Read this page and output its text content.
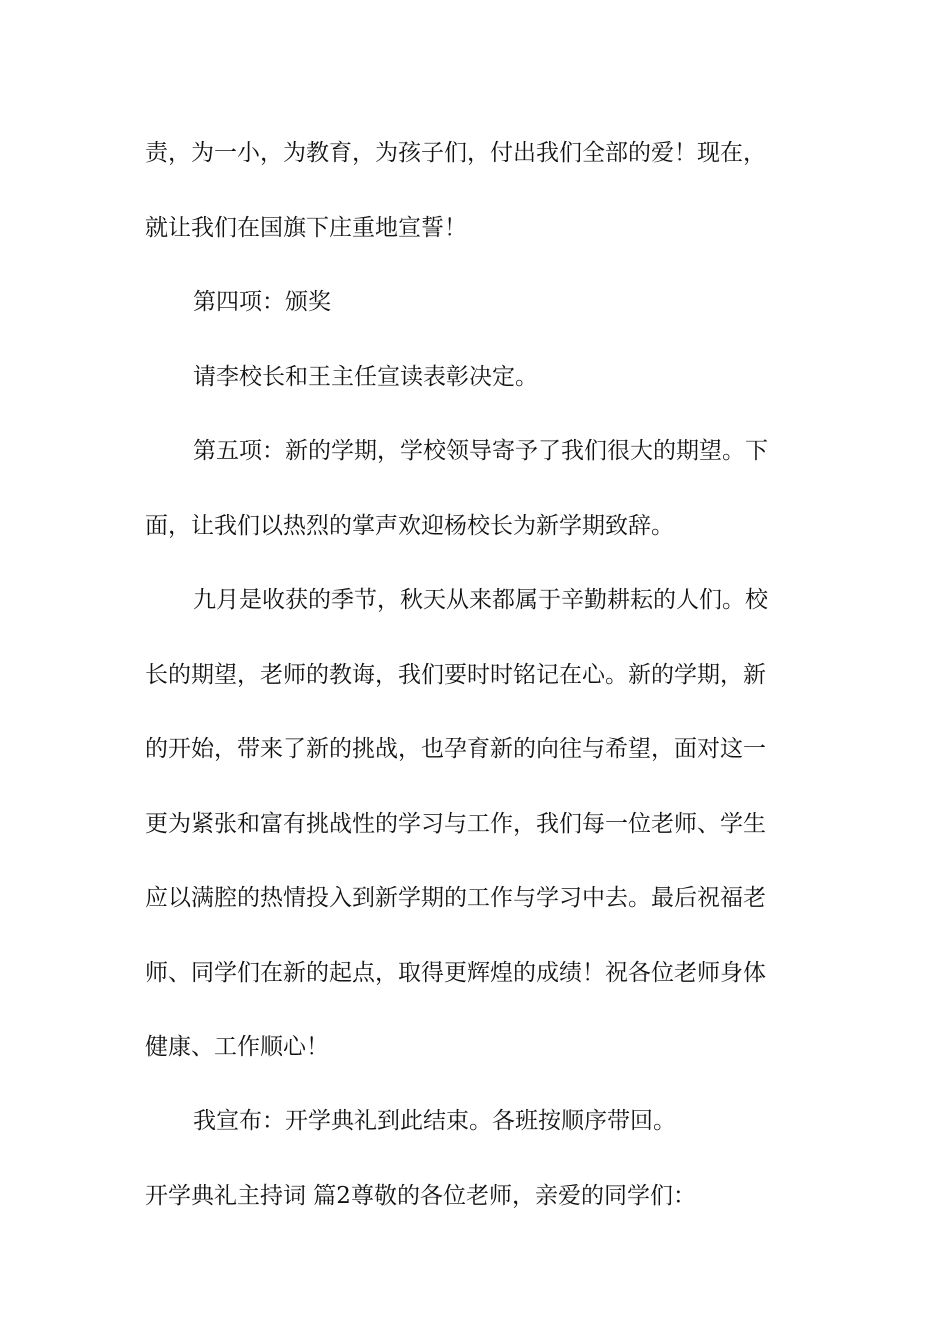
责，为一小，为教育，为孩子们，付出我们全部的爱！现在，

就让我们在国旗下庄重地宣誓！

第四项：颁奖

请李校长和王主任宣读表彰决定。

第五项：新的学期，学校领导寄予了我们很大的期望。下

面，让我们以热烈的掌声欢迎杨校长为新学期致辞。

九月是收获的季节，秋天从来都属于辛勤耕耘的人们。校

长的期望，老师的教诲，我们要时时铭记在心。新的学期，新

的开始，带来了新的挑战，也孕育新的向往与希望，面对这一

更为紧张和富有挑战性的学习与工作，我们每一位老师、学生

应以满腔的热情投入到新学期的工作与学习中去。最后祝福老

师、同学们在新的起点，取得更辉煌的成绩！祝各位老师身体

健康、工作顺心！

我宣布：开学典礼到此结束。各班按顺序带回。

开学典礼主持词 篇2尊敬的各位老师，亲爱的同学们：
